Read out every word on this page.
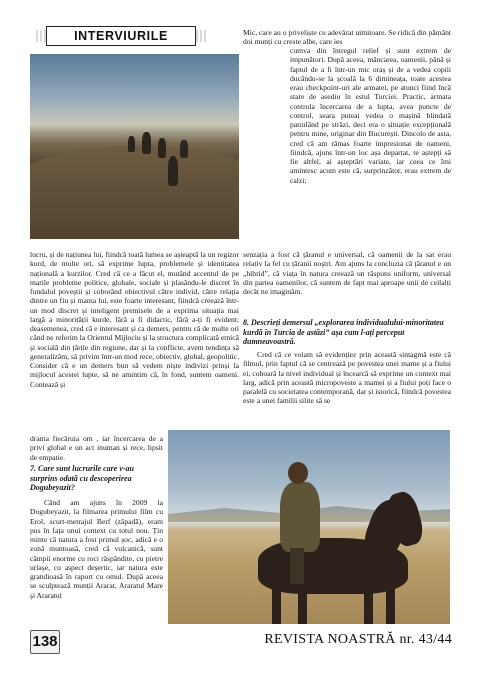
INTERVIURILE	Mic, care au o priveliște cu adevărat uimitoare. Se ridică din pământ doi munți cu creste albe, care ies
cumva din întregul relief și sunt extrem de impunători. După aceea, mâncarea, oamenii, până și faptul de a fi într-un mic oraș și de a vedea copiii ducându-se la școală la 6 dimineața, toate acestea erau checkpoint-uri ale armatei, pe atunci fiind încă stare de asediu în estul Turciei. Practic, armata controla încercarea de a lupta, avea puncte de control, seara puteai vedea o mașină blindată patrulând pe străzi, deci era o situație excepțională pentru mine, originar din București. Dincolo de asta, cred că am rămas foarte impresionat de oameni, fiindcă, ajuns într-un loc așa departat, te aștepți să fie altfel, ai așteptări variate, iar ceea ce îmi amintesc acum este că, surprinzător, erau extrem de calzi;
senzația a fost că țăranul e universal, că oamenii de la sat erau relativ la fel cu țăranii noștri. Am ajuns la concluzia că țăranul e un „hibrid”, că viața în natura creează un răspuns uniform, universal din partea oamenilor, că suntem de fapt mai aproape unii de ceilalți decât ne imaginăm.
8. Descrieți demersul „explorarea individualului-minoritatea kurdă în Turcia de astăzi” așa cum l-ați perceput dumneavoastră.
Cred că ce voiam să evidențiez prin această sintagmă este că filmul, prin faptul că se centrează pe povestea unei mame și a fiului ei, coboară la nivel individual și încearcă să exprime un context mai larg, adică prin această micropoveste a mamei și a fiului poți face o paralelă cu societatea contemporană, dar și istorică, fiindcă povestea este a unei familii silite să se
lucru, și de națiunea lui, fiindcă toată lumea se așteaptă la un regizor kurd, de multe ori, să exprime lupta, problemele și identitatea națională a kurzilor. Cred că ce a făcut el, mutând accentul de pe marile probleme politice, globale, sociale și plasându-le discret în fundalul poveștii și coborând obiectivul către individ, către relația dintre un fiu și mama lui, este foarte interesant, fiindcă creează într-un mod discret și inteligent premisele de a exprima situația mai largă a minorității kurde, fără a fi didactic, fără a-ți fi evident; deasemenea, cred că e interesant și ca demers, pentru că de multe ori când ne referim la Orientul Mijlociu și la structura complicată etnică și socială din țările din regiune, dar și la conflicte, avem tendința să generalizăm, să privim într-un mod rece, obiectiv, global, geopolitic. Consider că e un demers bun să vedem niște indivizi prinși la mijlocul acestei lupte, să ne amintim că, în fond, suntem oameni. Contează și
drama fiecăruia om , iar încercarea de a privi global e un act inuman și rece, lipsit de empatie.
7. Care sunt lucrurile care v-au surprins odată cu descoperirea Dogubeyazit?
Când am ajuns în 2009 la Dogubeyazit, la filmarea primului film cu Erol, scurt-metrajul Berf (zăpadă), eram pus în fața unui context cu totul nou. Țin minte că natura a fost primul șoc, adică e o zonă muntoasă, cred că vulcanică, sunt câmpii enorme cu roci răspândite, cu pietre uriașe, cu aspect deșertic, iar natura este grandioasă în raport cu omul. După aceea se sculptează munții Ararat, Araratul Mare și Araratul
138	REVISTA NOASTRĂ nr. 43/44
